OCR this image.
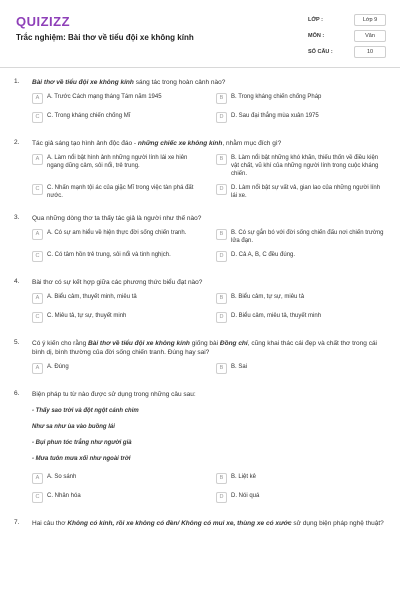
QUIZIZZ
Trắc nghiệm: Bài thơ về tiểu đội xe không kính
LỚP :	Lớp 9
MÔN :	Văn
SỐ CÂU :	10
1. Bài thơ về tiểu đội xe không kính sáng tác trong hoàn cảnh nào?
A	A. Trước Cách mạng tháng Tám năm 1945	B	B. Trong kháng chiến chống Pháp
C	C. Trong kháng chiến chống Mĩ	D	D. Sau đại thắng mùa xuân 1975
2. Tác giả sáng tạo hình ảnh độc đáo - những chiếc xe không kính, nhằm mục đích gì?
A	A. Làm nổi bật hình ảnh những người lính lái xe hiên ngang dũng cảm, sôi nổi, trẻ trung.
B	B. Làm nổi bật những khó khăn, thiếu thốn về điều kiện vật chất, vũ khí của những người lính trong cuộc kháng chiến.
C	C. Nhấn mạnh tội ác của giặc Mĩ trong việc tàn phá đất nước.
D	D. Làm nổi bật sự vất vả, gian lao của những người lính lái xe.
3. Qua những dòng thơ ta thấy tác giả là người như thế nào?
A	A. Có sự am hiểu về hiện thực đời sống chiến tranh.	B	B. Có sự gắn bó với đời sống chiến đấu nơi chiến trường lửa đạn.
C	C. Có tâm hồn trẻ trung, sôi nổi và tinh nghịch.	D	D. Cả A, B, C đều đúng.
4. Bài thơ có sự kết hợp giữa các phương thức biểu đạt nào?
A	A. Biểu cảm, thuyết minh, miêu tả	B	B. Biểu cảm, tự sự, miêu tả
C	C. Miêu tả, tự sự, thuyết minh	D	D. Biểu cảm, miêu tả, thuyết minh
5. Có ý kiến cho rằng Bài thơ về tiểu đội xe không kính giống bài Đồng chí, cũng khai thác cái đẹp và chất thơ trong cái bình dị, bình thường của đời sống chiến tranh. Đúng hay sai?
A	A. Đúng	B	B. Sai
6. Biện pháp tu từ nào được sử dụng trong những câu sau:
- Thấy sao trời và đột ngột cánh chim
Như sa như ùa vào buồng lái
- Bụi phun tóc trắng như người già
- Mưa tuôn mưa xối như ngoài trời
A	A. So sánh	B	B. Liệt kê
C	C. Nhân hóa	D	D. Nói quá
7. Hai câu thơ Không có kính, rồi xe không có đèn/ Không có mui xe, thùng xe có xước sử dụng biện pháp nghệ thuật?
